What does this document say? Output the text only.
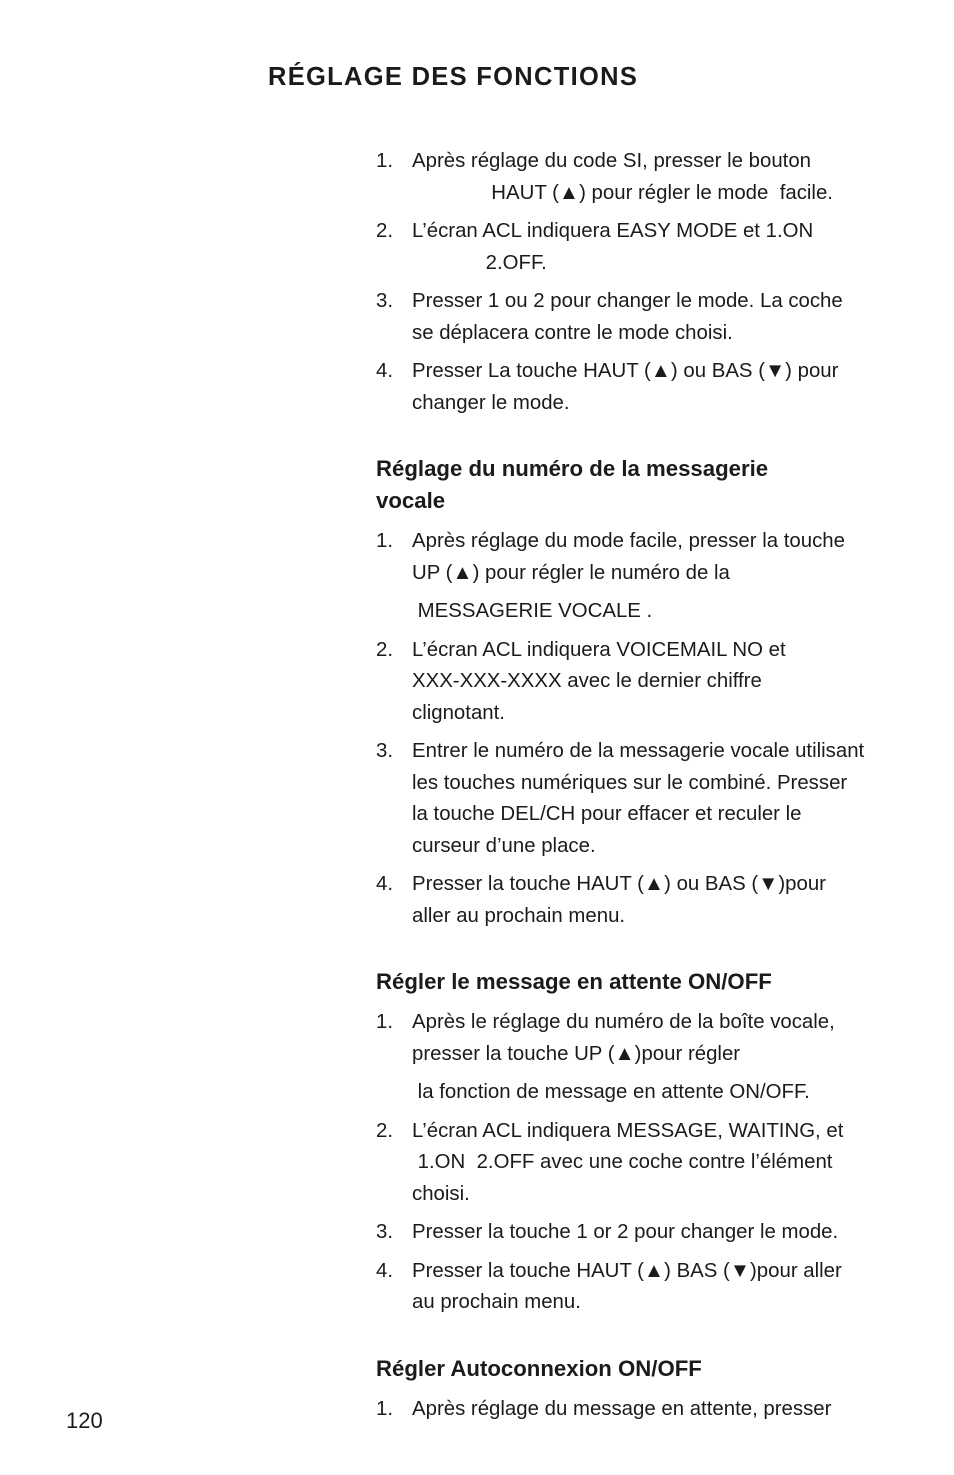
RÉGLAGE DES FONCTIONS
1. Après réglage du code SI, presser le bouton
HAUT (▲) pour régler le mode  facile.
2. L’écran ACL indiquera EASY MODE et 1.ON
2.OFF.
3. Presser 1 ou 2 pour changer le mode. La coche
se déplacera contre le mode choisi.
4. Presser La touche HAUT (▲) ou BAS (▼) pour
changer le mode.
Réglage du numéro de la messagerie
vocale
1. Après réglage du mode facile, presser la touche
UP (▲) pour régler le numéro de la
MESSAGERIE VOCALE .
2. L’écran ACL indiquera VOICEMAIL NO et
XXX-XXX-XXXX avec le dernier chiffre
clignotant.
3. Entrer le numéro de la messagerie vocale utilisant
les touches numériques sur le combiné. Presser
la touche DEL/CH pour effacer et reculer le
curseur d’une place.
4. Presser la touche HAUT (▲) ou BAS (▼)pour
aller au prochain menu.
Régler le message en attente ON/OFF
1. Après le réglage du numéro de la boîte vocale,
presser la touche UP (▲)pour régler
la fonction de message en attente ON/OFF.
2. L’écran ACL indiquera MESSAGE, WAITING, et
1.ON  2.OFF avec une coche contre l’élément
choisi.
3. Presser la touche 1 or 2 pour changer le mode.
4. Presser la touche HAUT (▲) BAS (▼)pour aller
au prochain menu.
Régler Autoconnexion ON/OFF
1. Après réglage du message en attente, presser
120
